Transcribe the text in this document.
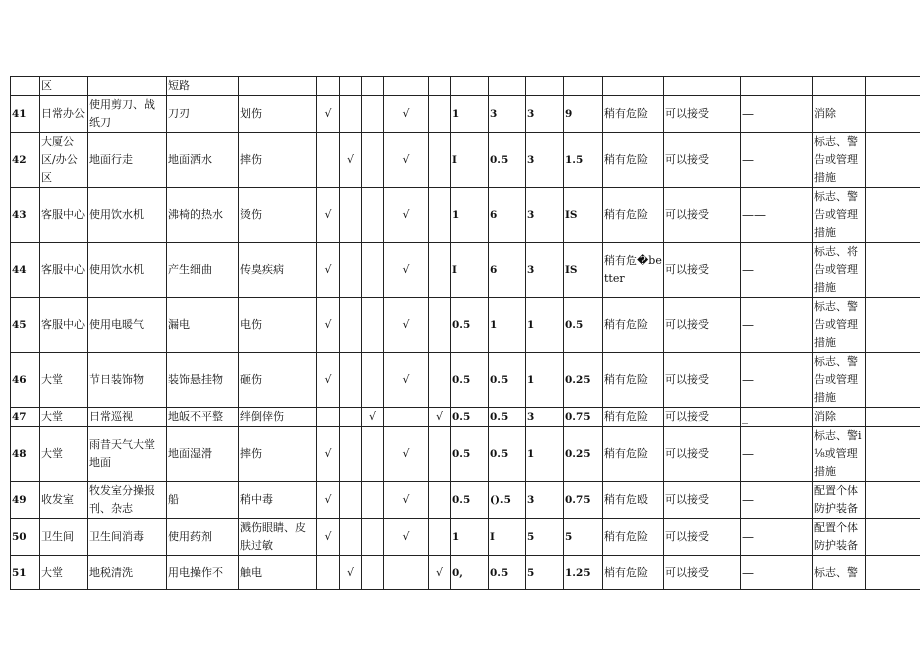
	区		短路															
41	日常办公	使用剪刀、战纸刀	刀刃	划伤	√			√		1	3	3	9	稍有危险	可以接受	—	消除	
42	大厦公区/办公区	地面行走	地面洒水	摔伤		√		√		I	0.5	3	1.5	稍有危险	可以接受	—	标志、警告或管理措施	
43	客服中心	使用饮水机	沸椅的热水	烫伤	√			√		1	6	3	IS	稍有危险	可以接受	——	标志、警告或管理措施	
44	客服中心	使用饮水机	产生细曲	传臭疾病	√			√		I	6	3	IS	稍有危�better	可以接受	—	标志、将告或管理措施	
45	客服中心	使用电暖气	漏电	电伤	√			√		0.5	1	1	0.5	稍有危险	可以接受	—	标志、警告或管理措施	
46	大堂	节日装饰物	装饰悬挂物	砸伤	√			√		0.5	0.5	1	0.25	稍有危险	可以接受	—	标志、警告或管理措施	
47	大堂	日常巡视	地皈不平整	绊倒倖伤			√		√	0.5	0.5	3	0.75	稍有危险	可以接受	_	消除	
48	大堂	雨昔天气大堂地面	地面湿滑	摔伤	√			√		0.5	0.5	1	0.25	稍有危险	可以接受	—	标志、警i⅛或管理措施	
49	收发室	牧发室分操报刊、杂志	船	稍中毒	√			√		0.5	().5	3	0.75	稍有危殴	可以接受	—	配置个体防护装备	
50	卫生间	卫生间消毒	使用药剂	溅伤眼睛、皮肤过敏	√			√		1	I	5	5	稍有危险	可以接受	—	配置个体防护装备	
51	大堂	地税清洗	用电操作不	触电		√			√	0,	0.5	5	1.25	梢有危险	可以接受	—	标志、警	
